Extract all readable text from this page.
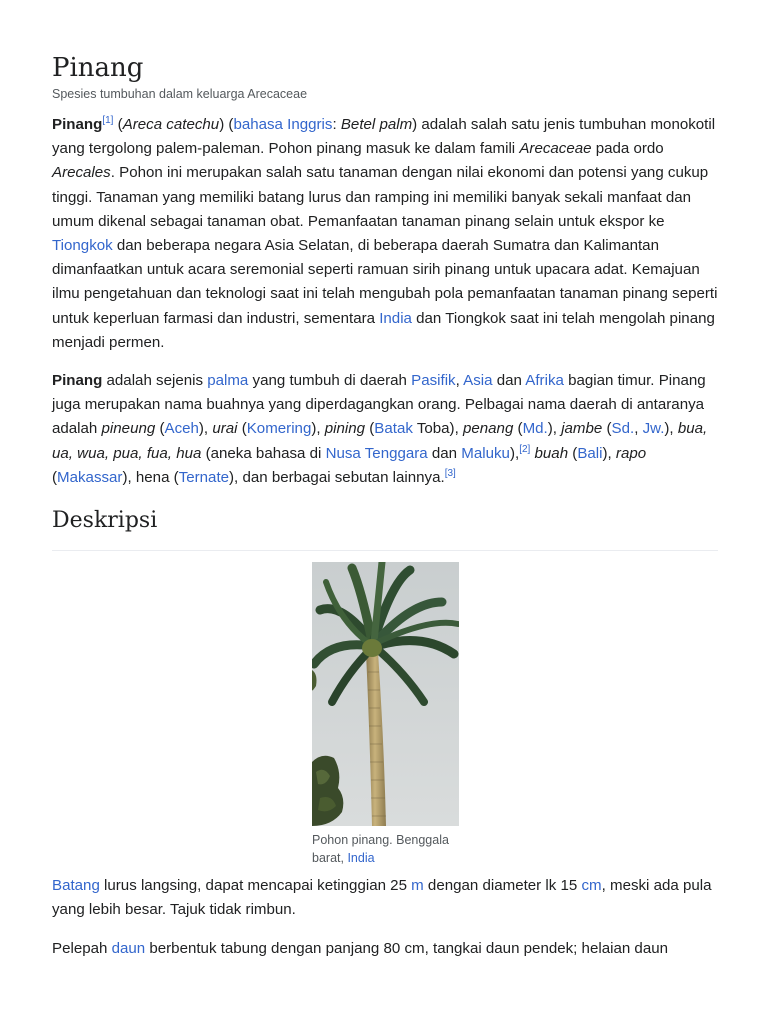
Pinang
Spesies tumbuhan dalam keluarga Arecaceae

Pinang[1] (Areca catechu) (bahasa Inggris: Betel palm) adalah salah satu jenis tumbuhan monokotil yang tergolong palem-paleman. Pohon pinang masuk ke dalam famili Arecaceae pada ordo Arecales. Pohon ini merupakan salah satu tanaman dengan nilai ekonomi dan potensi yang cukup tinggi. Tanaman yang memiliki batang lurus dan ramping ini memiliki banyak sekali manfaat dan umum dikenal sebagai tanaman obat. Pemanfaatan tanaman pinang selain untuk ekspor ke Tiongkok dan beberapa negara Asia Selatan, di beberapa daerah Sumatra dan Kalimantan dimanfaatkan untuk acara seremonial seperti ramuan sirih pinang untuk upacara adat. Kemajuan ilmu pengetahuan dan teknologi saat ini telah mengubah pola pemanfaatan tanaman pinang seperti untuk keperluan farmasi dan industri, sementara India dan Tiongkok saat ini telah mengolah pinang menjadi permen.

Pinang adalah sejenis palma yang tumbuh di daerah Pasifik, Asia dan Afrika bagian timur. Pinang juga merupakan nama buahnya yang diperdagangkan orang. Pelbagai nama daerah di antaranya adalah pineung (Aceh), urai (Komering), pining (Batak Toba), penang (Md.), jambe (Sd., Jw.), bua, ua, wua, pua, fua, hua (aneka bahasa di Nusa Tenggara dan Maluku),[2] buah (Bali), rapo (Makassar), hena (Ternate), dan berbagai sebutan lainnya.[3]

Deskripsi
Pohon pinang. Benggala barat, India

Batang lurus langsing, dapat mencapai ketinggian 25 m dengan diameter lk 15 cm, meski ada pula yang lebih besar. Tajuk tidak rimbun.

Pelepah daun berbentuk tabung dengan panjang 80 cm, tangkai daun pendek; helaian daun
